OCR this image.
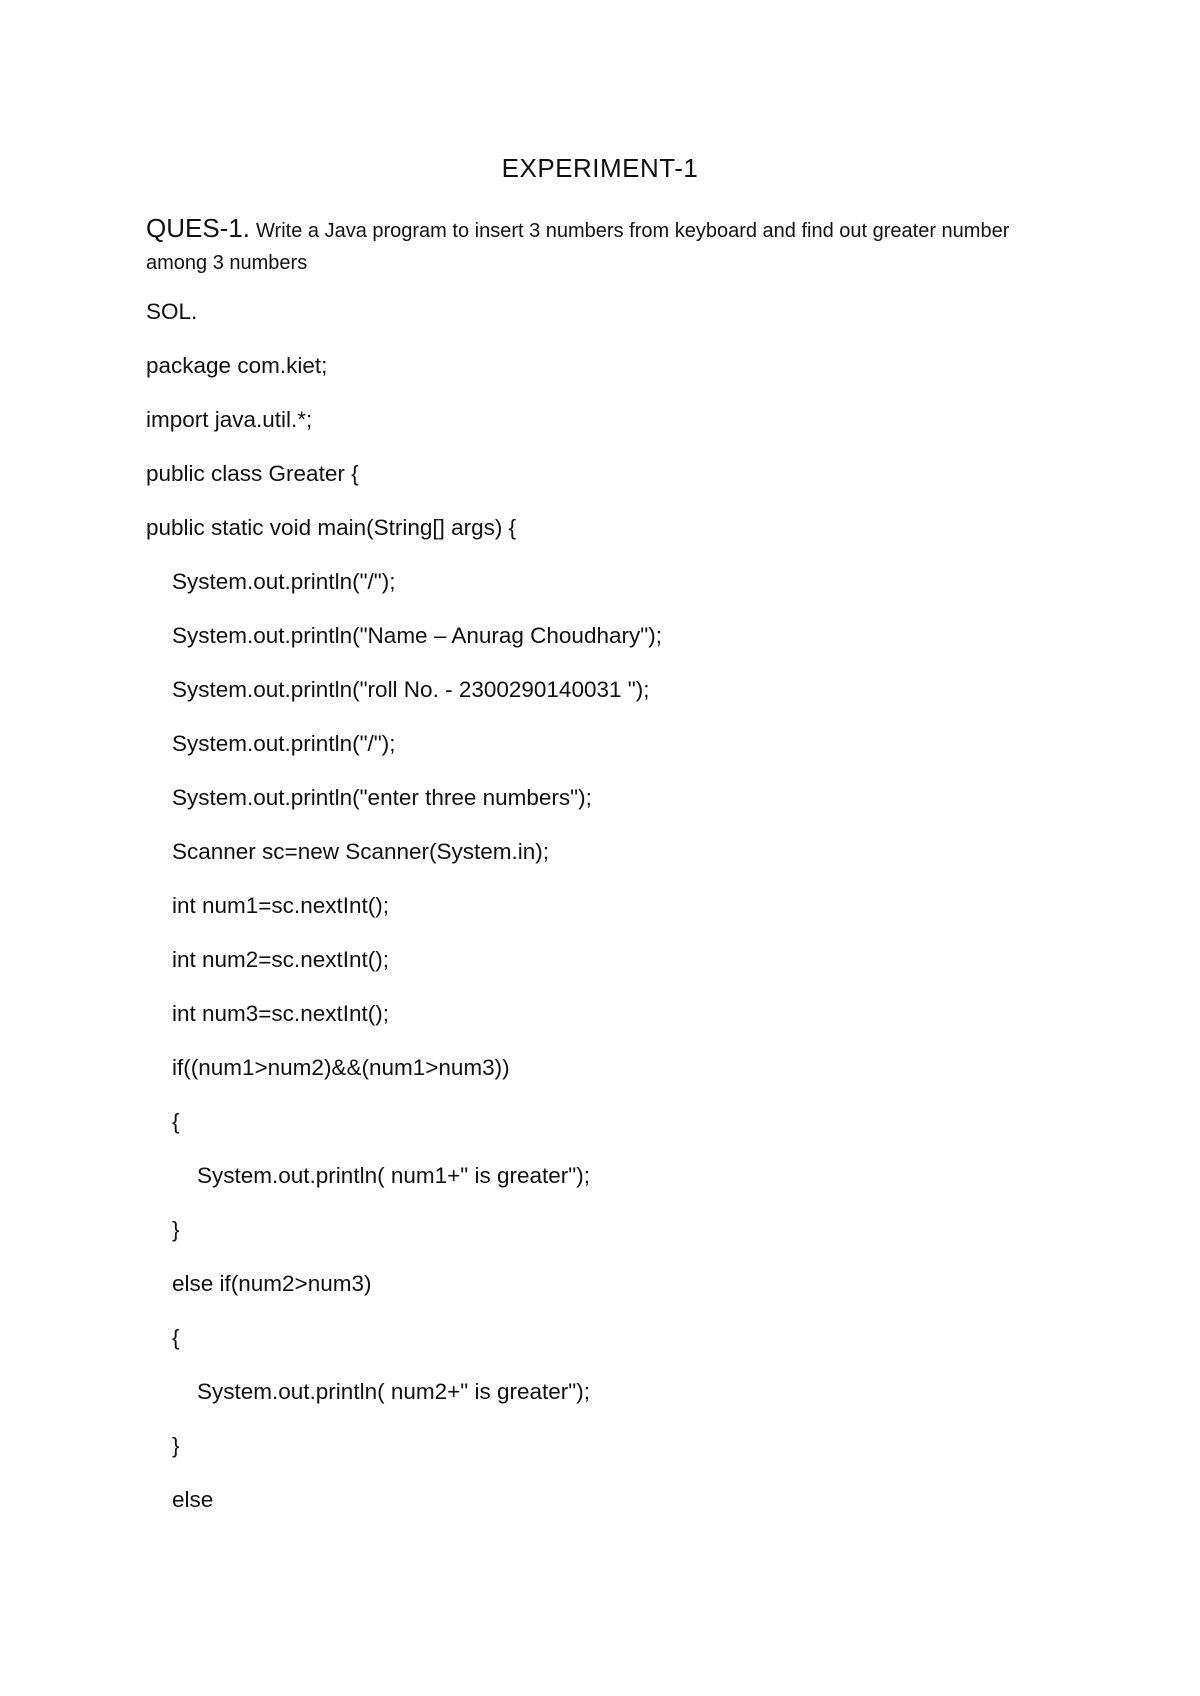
EXPERIMENT-1
QUES-1. Write a Java program to insert 3 numbers from keyboard and find out greater number
among 3 numbers
SOL.
package com.kiet;
import java.util.*;
public class Greater {
public static void main(String[] args) {
System.out.println("/");
System.out.println("Name – Anurag Choudhary");
System.out.println("roll No. - 2300290140031 ");
System.out.println("/");
System.out.println("enter three numbers");
Scanner sc=new Scanner(System.in);
int num1=sc.nextInt();
int num2=sc.nextInt();
int num3=sc.nextInt();
if((num1>num2)&&(num1>num3))
{
System.out.println( num1+" is greater");
}
else if(num2>num3)
{
System.out.println( num2+" is greater");
}
else
